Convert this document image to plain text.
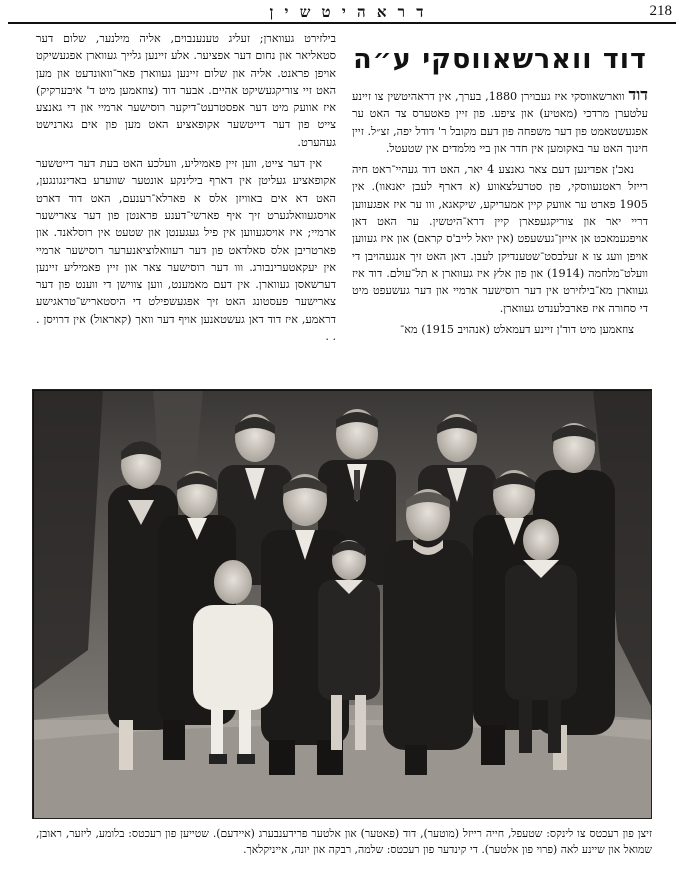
ד ר א ה י ט ש י ן	218
דוד ווארשאווסקי ע״ה

דוד ווארשאווסקי איז געבוירן 1880, בערך, אין דראהיטשין צו זיינע עלטערן מרדכי (מאטיע) און ציפע. פון זיין פאטערס צד האט ער אפגעשטאמט פון דער משפחה פון דעם מקובל ר' דודל יפה, זצ״ל. זיין חינוך האט ער באקומען אין חדר און ביי מלמדים אין שטעטל.

נאכ'ן אפדינען דעם צאר גאנצע 4 יאר, האט דוד געהיי־ראט חיה רייזל ראטנעווסקי, פון סטרעלצאווע (א דארף לעבן יאנאוו). אין 1905 פארט ער אוועק קיין אמעריקע, שיקאגא, ווו ער איז אפגעווען דריי יאר און צוריקגעפארן קיין דרא־היטשין. ער האט דאן אויפגעמאכט אן אייזן־געשעפט (אין יואל לייב'ס קראם) און איז געווען אויפן וועג צו א זעלבסט־שטענדיקן לעבן. דאן האט זיך אנגעהויבן די וועלט־מלחמה (1914) און פון אלץ איז געווארן א תל־עולם. דוד איז געווארן מא־בילזירט אין דער רוסישער ארמיי און דער געשעפט מיט די סחורה איז פארבלענדט געווארן.

צוזאמען מיט דוד'ן זיינע דעמאלט (אנהויב 1915) מא־

בילזירט געווארן; זעליג טענענבוים, אליה מילנער, שלום דער סטאליאר און נחום דער אפציער. אלע זיינען גלייך געווארן אפגעשיקט אויפן פראנט. אליה און שלום זיינען געווארן פאר־וואונדעט און מען האט זיי צוריקגעשיקט אהיים. אבער דוד (צוזאמען מיט ד' איבערקיק) איז אוועק מיט דער אפסטרעט־דיקער רוסישער ארמיי און די גאנצע צייט פון דער דייטשער אקופאציע האט מען פון אים גארנישט געהערט.

אין דער צייט, ווען זיין פאמיליע, וועלכע האט בעת דער דייטשער אקופאציע געליטן אין דארף בילינקע אונטער שווערע באדינגונגען, האט דא אים באוויזן אלס א פארלא־רענעם, האט דוד דארט אויסגעוואלגערט זיך איף פארשי־דענע פראנטן פון דער צארישער ארמיי; איז אויסגעווען אין פיל געגענטן און שטעט אין רוסלאנד. און פארטריבן אלס סאלדאט פון דער רעוואלוציאנערער רוסישער ארמיי אין יעקאטערינבורג. ווו דער רוסישער צאר און זיין פאמיליע זיינען דערשאסן געווארן. אין דעם מאמענט, ווען צווישן די ווענט פון דער צארישער פעסטונג האט זיך אפגעשפילט די היסטאריש־טראגישע דראמע, איז דוד דאן געשטאנען אויף דער וואך (קאראול) אין דרויסן . . .

זיצן פון רעכטס צו לינקס: שטעפל, חייה רייזל (מוטער), דוד (פאטער) און אלטער פרידענבערג (איידעם). שטייען פון רעכטס: בלומע, ליזער, ראובן, שמואל און שיינע לאה (פרוי פון אלטער). די קינדער פון רעכטס: שלמה, רבקה און יונה, אייניקלאך.
